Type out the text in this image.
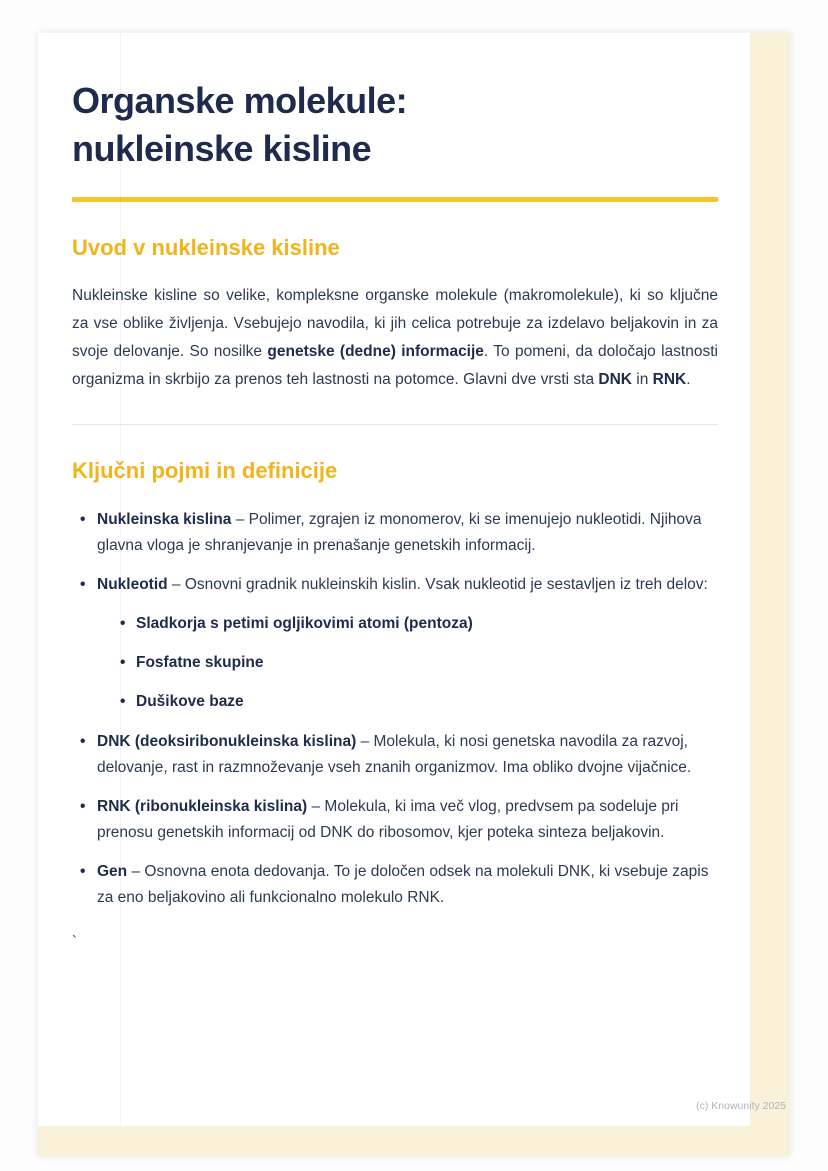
Organske molekule:
nukleinske kisline
Uvod v nukleinske kisline

Nukleinske kisline so velike, kompleksne organske molekule (makromolekule), ki so ključne za vse oblike življenja. Vsebujejo navodila, ki jih celica potrebuje za izdelavo beljakovin in za svoje delovanje. So nosilke genetske (dedne) informacije. To pomeni, da določajo lastnosti organizma in skrbijo za prenos teh lastnosti na potomce. Glavni dve vrsti sta DNK in RNK.

Ključni pojmi in definicije
• Nukleinska kislina – Polimer, zgrajen iz monomerov, ki se imenujejo nukleotidi. Njihova glavna vloga je shranjevanje in prenašanje genetskih informacij.
• Nukleotid – Osnovni gradnik nukleinskih kislin. Vsak nukleotid je sestavljen iz treh delov:
• Sladkorja s petimi ogljikovimi atomi (pentoza)
• Fosfatne skupine
• Dušikove baze
• DNK (deoksiribonukleinska kislina) – Molekula, ki nosi genetska navodila za razvoj, delovanje, rast in razmnoževanje vseh znanih organizmov. Ima obliko dvojne vijačnice.
• RNK (ribonukleinska kislina) – Molekula, ki ima več vlog, predvsem pa sodeluje pri prenosu genetskih informacij od DNK do ribosomov, kjer poteka sinteza beljakovin.
• Gen – Osnovna enota dedovanja. To je določen odsek na molekuli DNK, ki vsebuje zapis za eno beljakovino ali funkcionalno molekulo RNK.
`
(c) Knowunity 2025
